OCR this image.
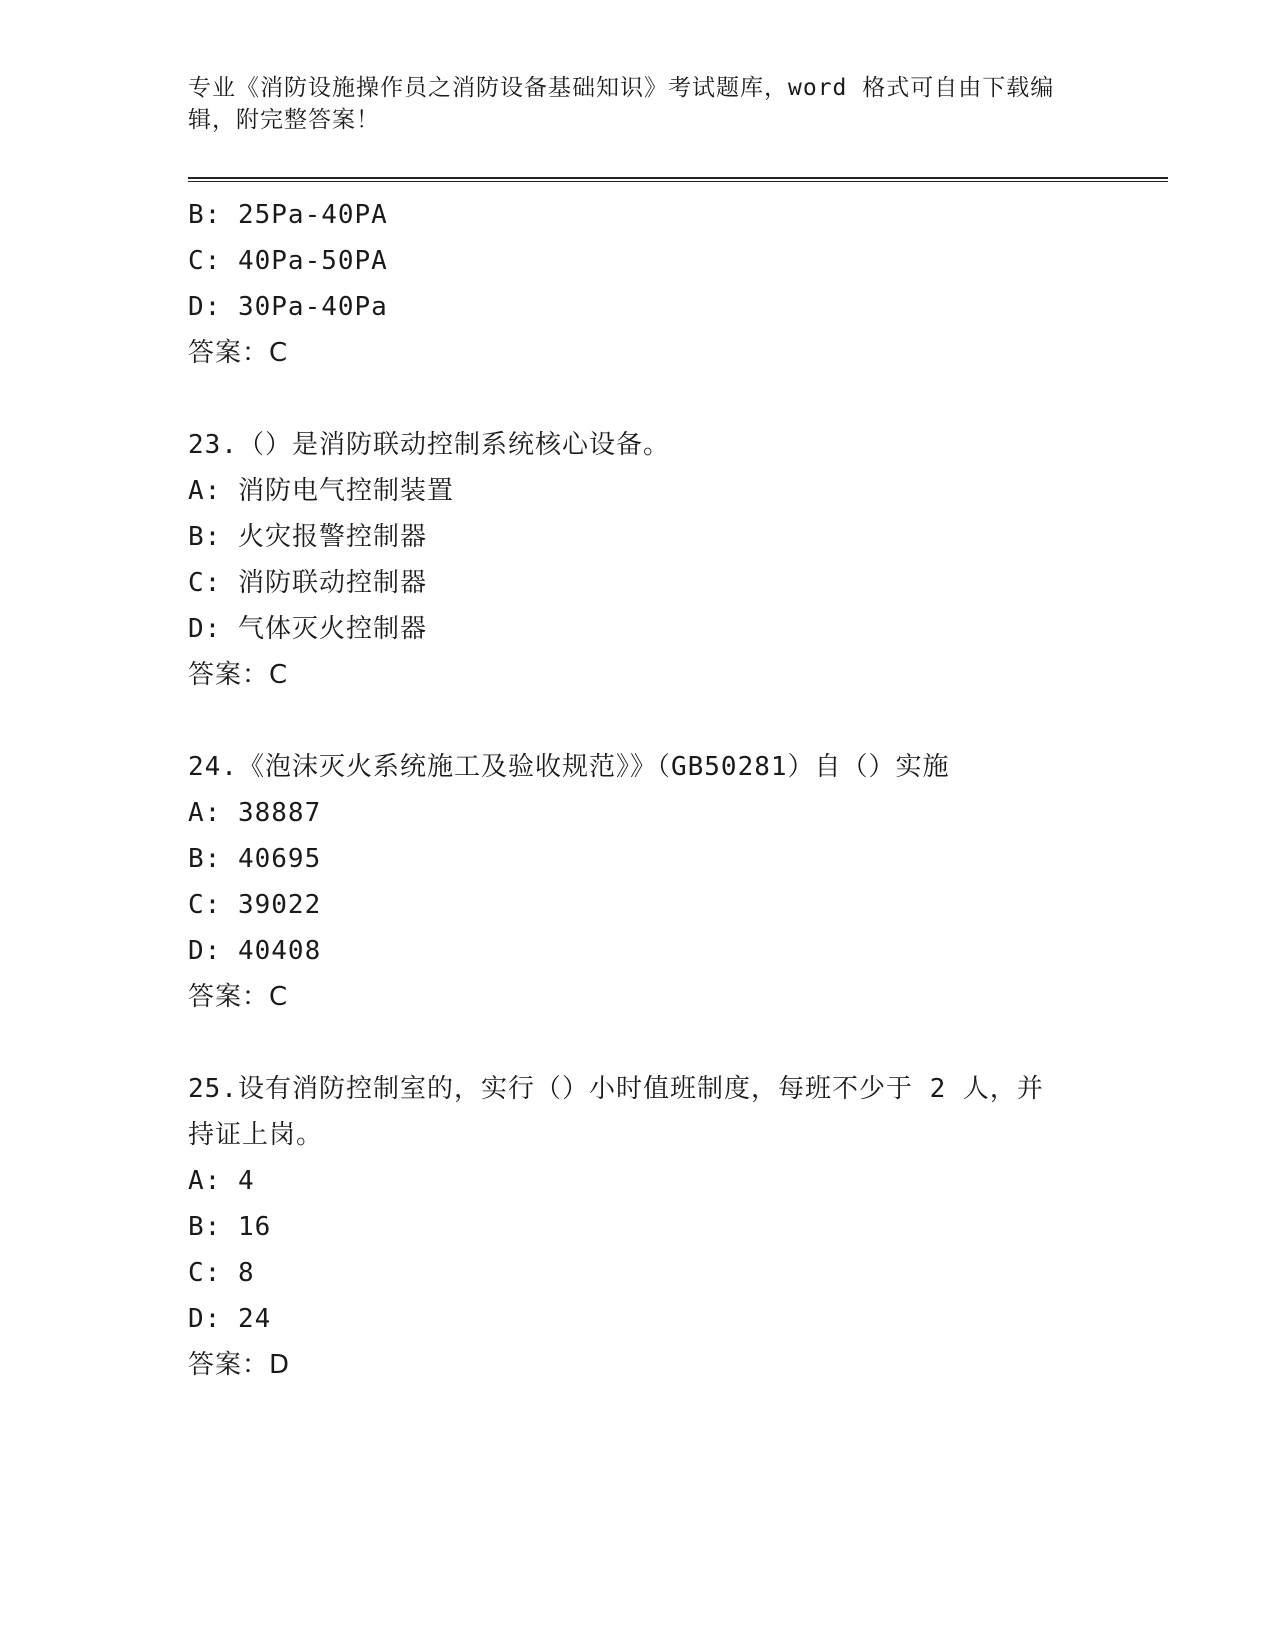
专业《消防设施操作员之消防设备基础知识》考试题库，word 格式可自由下载编辑，附完整答案！
B: 25Pa-40PA
C: 40Pa-50PA
D: 30Pa-40Pa
答案：C
23.（）是消防联动控制系统核心设备。
A: 消防电气控制装置
B: 火灾报警控制器
C: 消防联动控制器
D: 气体灭火控制器
答案：C
24.《泡沫灭火系统施工及验收规范》》（GB50281）自（）实施
A: 38887
B: 40695
C: 39022
D: 40408
答案：C
25.设有消防控制室的，实行（）小时值班制度，每班不少于 2 人，并持证上岗。
A: 4
B: 16
C: 8
D: 24
答案：D
